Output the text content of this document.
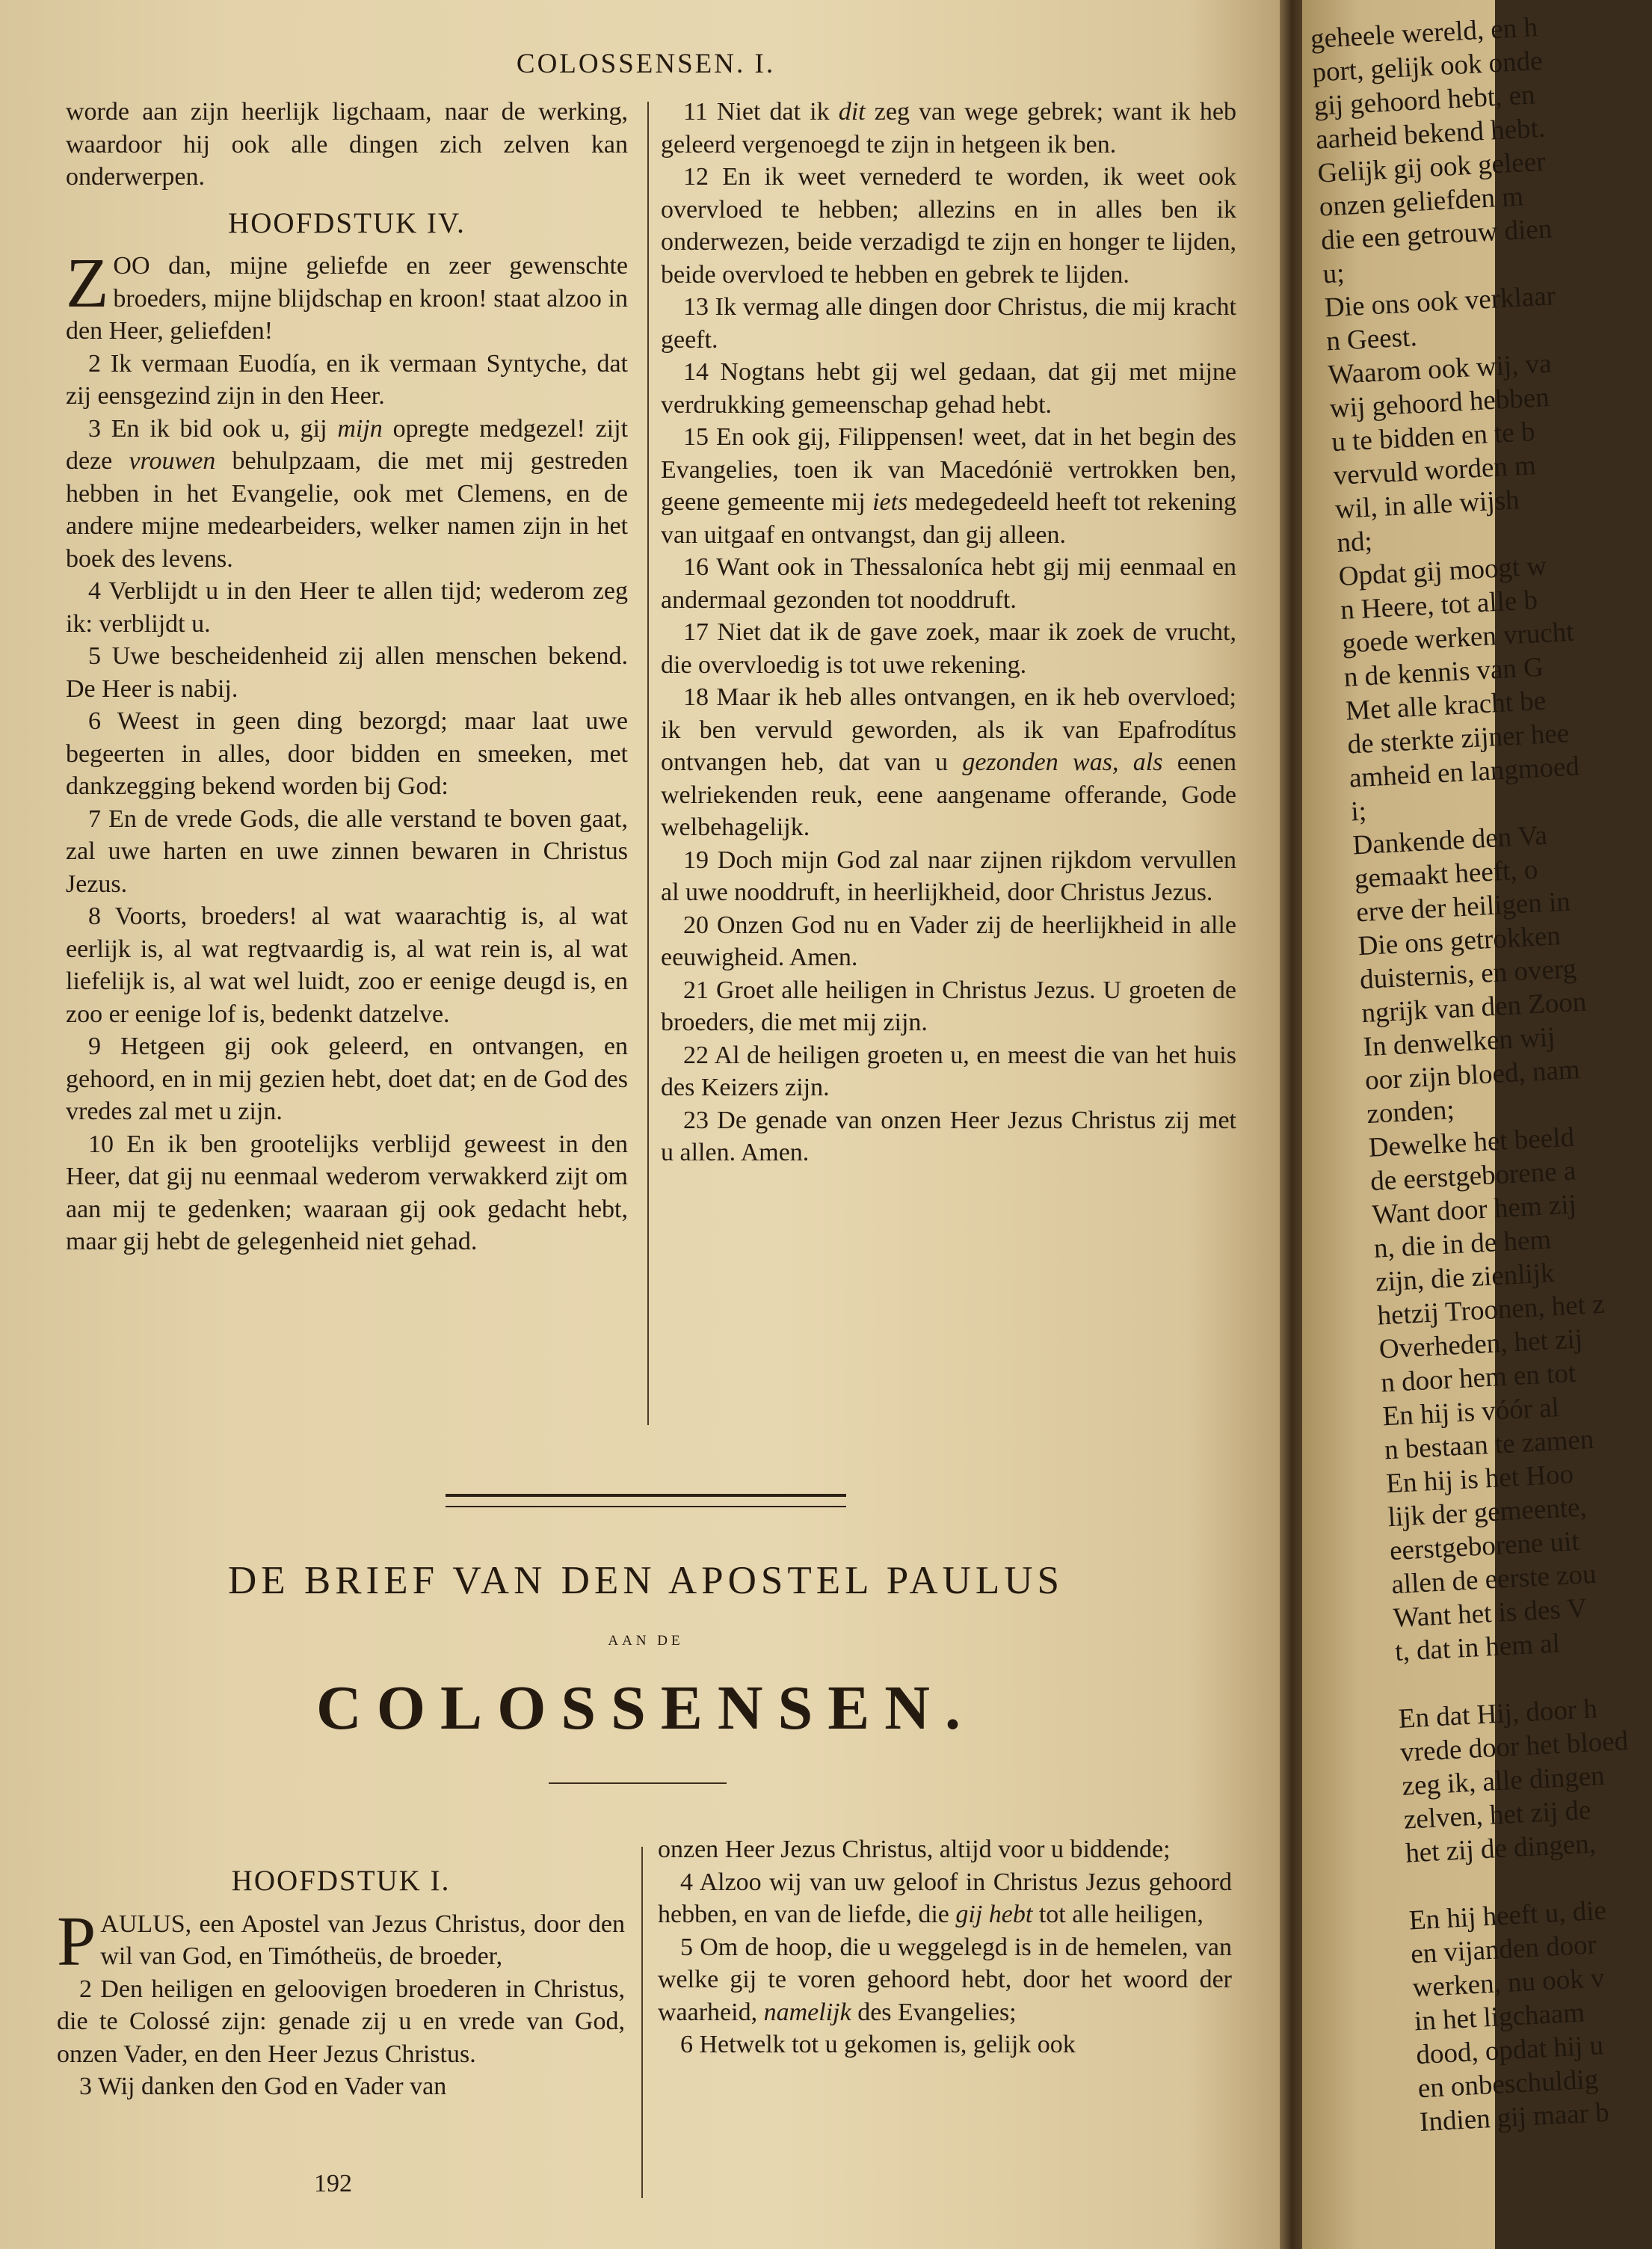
COLOSSENSEN. I.

worde aan zijn heerlijk ligchaam, naar de werking, waardoor hij ook alle dingen zich zelven kan onderwerpen.

HOOFDSTUK IV.

ZOO dan, mijne geliefde en zeer gewenschte broeders, mijne blijdschap en kroon! staat alzoo in den Heer, geliefden!

2 Ik vermaan Euodía, en ik vermaan Syntyche, dat zij eensgezind zijn in den Heer.

3 En ik bid ook u, gij mijn opregte medgezel! zijt deze vrouwen behulpzaam, die met mij gestreden hebben in het Evangelie, ook met Clemens, en de andere mijne medearbeiders, welker namen zijn in het boek des levens.

4 Verblijdt u in den Heer te allen tijd; wederom zeg ik: verblijdt u.

5 Uwe bescheidenheid zij allen menschen bekend. De Heer is nabij.

6 Weest in geen ding bezorgd; maar laat uwe begeerten in alles, door bidden en smeeken, met dankzegging bekend worden bij God:

7 En de vrede Gods, die alle verstand te boven gaat, zal uwe harten en uwe zinnen bewaren in Christus Jezus.

8 Voorts, broeders! al wat waarachtig is, al wat eerlijk is, al wat regtvaardig is, al wat rein is, al wat liefelijk is, al wat wel luidt, zoo er eenige deugd is, en zoo er eenige lof is, bedenkt datzelve.

9 Hetgeen gij ook geleerd, en ontvangen, en gehoord, en in mij gezien hebt, doet dat; en de God des vredes zal met u zijn.

10 En ik ben grootelijks verblijd geweest in den Heer, dat gij nu eenmaal wederom verwakkerd zijt om aan mij te gedenken; waaraan gij ook gedacht hebt, maar gij hebt de gelegenheid niet gehad.

11 Niet dat ik dit zeg van wege gebrek; want ik heb geleerd vergenoegd te zijn in hetgeen ik ben.

12 En ik weet vernederd te worden, ik weet ook overvloed te hebben; allezins en in alles ben ik onderwezen, beide verzadigd te zijn en honger te lijden, beide overvloed te hebben en gebrek te lijden.

13 Ik vermag alle dingen door Christus, die mij kracht geeft.

14 Nogtans hebt gij wel gedaan, dat gij met mijne verdrukking gemeenschap gehad hebt.

15 En ook gij, Filippensen! weet, dat in het begin des Evangelies, toen ik van Macedónië vertrokken ben, geene gemeente mij iets medegedeeld heeft tot rekening van uitgaaf en ontvangst, dan gij alleen.

16 Want ook in Thessaloníca hebt gij mij eenmaal en andermaal gezonden tot nooddruft.

17 Niet dat ik de gave zoek, maar ik zoek de vrucht, die overvloedig is tot uwe rekening.

18 Maar ik heb alles ontvangen, en ik heb overvloed; ik ben vervuld geworden, als ik van Epafrodítus ontvangen heb, dat van u gezonden was, als eenen welriekenden reuk, eene aangename offerande, Gode welbehagelijk.

19 Doch mijn God zal naar zijnen rijkdom vervullen al uwe nooddruft, in heerlijkheid, door Christus Jezus.

20 Onzen God nu en Vader zij de heerlijkheid in alle eeuwigheid. Amen.

21 Groet alle heiligen in Christus Jezus. U groeten de broeders, die met mij zijn.

22 Al de heiligen groeten u, en meest die van het huis des Keizers zijn.

23 De genade van onzen Heer Jezus Christus zij met u allen. Amen.

DE BRIEF VAN DEN APOSTEL PAULUS
AAN DE
COLOSSENSEN.
HOOFDSTUK I.

PAULUS, een Apostel van Jezus Christus, door den wil van God, en Timótheüs, de broeder,

2 Den heiligen en geloovigen broederen in Christus, die te Colossé zijn: genade zij u en vrede van God, onzen Vader, en den Heer Jezus Christus.

3 Wij danken den God en Vader van

onzen Heer Jezus Christus, altijd voor u biddende;

4 Alzoo wij van uw geloof in Christus Jezus gehoord hebben, en van de liefde, die gij hebt tot alle heiligen,

5 Om de hoop, die u weggelegd is in de hemelen, van welke gij te voren gehoord hebt, door het woord der waarheid, namelijk des Evangelies;

6 Hetwelk tot u gekomen is, gelijk ook

192
geheele wereld, en h
port, gelijk ook onde
gij gehoord hebt, en
aarheid bekend hebt.
Gelijk gij ook geleer
onzen geliefden m
die een getrouw dien
u;
Die ons ook verklaar
n Geest.
Waarom ook wij, va
wij gehoord hebben
u te bidden en te b
vervuld worden m
wil, in alle wijsh
nd;
Opdat gij moogt w
n Heere, tot alle b
goede werken vrucht
n de kennis van G
Met alle kracht be
de sterkte zijner hee
amheid en langmoed
i;
Dankende den Va
gemaakt heeft, o
erve der heiligen in
Die ons getrokken
duisternis, en overg
ngrijk van den Zoon
In denwelken wij
oor zijn bloed, nam
zonden;
Dewelke het beeld
de eerstgeborene a
Want door hem zij
n, die in de hem
zijn, die zienlijk
hetzij Troonen, het z
Overheden, het zij
n door hem en tot
En hij is vóór al
n bestaan te zamen
En hij is het Hoo
lijk der gemeente,
eerstgeborene uit
allen de eerste zou
Want het is des V
t, dat in hem al
En dat Hij, door h
vrede door het bloed
zeg ik, alle dingen
zelven, het zij de
het zij de dingen,
En hij heeft u, die
en vijanden door
werken, nu ook v
in het ligchaam
dood, opdat hij u
en onbeschuldig
Indien gij maar b
